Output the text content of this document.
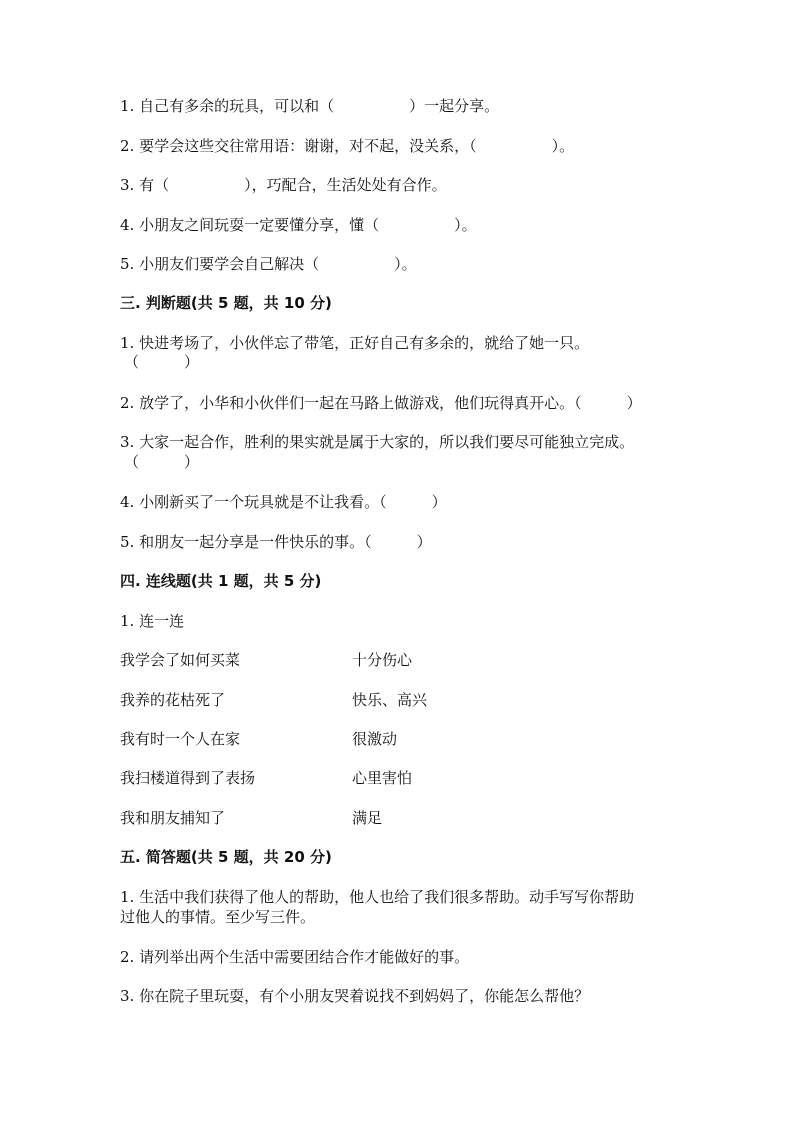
1. 自己有多余的玩具，可以和（　　　　　）一起分享。
2. 要学会这些交往常用语：谢谢，对不起，没关系，（　　　　　）。
3. 有（　　　　　），巧配合，生活处处有合作。
4. 小朋友之间玩耍一定要懂分享，懂（　　　　　）。
5. 小朋友们要学会自己解决（　　　　　）。
三. 判断题(共 5 题，共 10 分)
1. 快进考场了，小伙伴忘了带笔，正好自己有多余的，就给了她一只。
（　　　）
2. 放学了，小华和小伙伴们一起在马路上做游戏，他们玩得真开心。（　　　）
3. 大家一起合作，胜利的果实就是属于大家的，所以我们要尽可能独立完成。
（　　　）
4. 小刚新买了一个玩具就是不让我看。（　　　）
5. 和朋友一起分享是一件快乐的事。（　　　）
四. 连线题(共 1 题，共 5 分)
1. 连一连
我学会了如何买菜	十分伤心
我养的花枯死了	快乐、高兴
我有时一个人在家	很激动
我扫楼道得到了表扬	心里害怕
我和朋友捕知了	满足
五. 简答题(共 5 题，共 20 分)
1. 生活中我们获得了他人的帮助，他人也给了我们很多帮助。动手写写你帮助
过他人的事情。至少写三件。
2. 请列举出两个生活中需要团结合作才能做好的事。
3. 你在院子里玩耍，有个小朋友哭着说找不到妈妈了，你能怎么帮他？
